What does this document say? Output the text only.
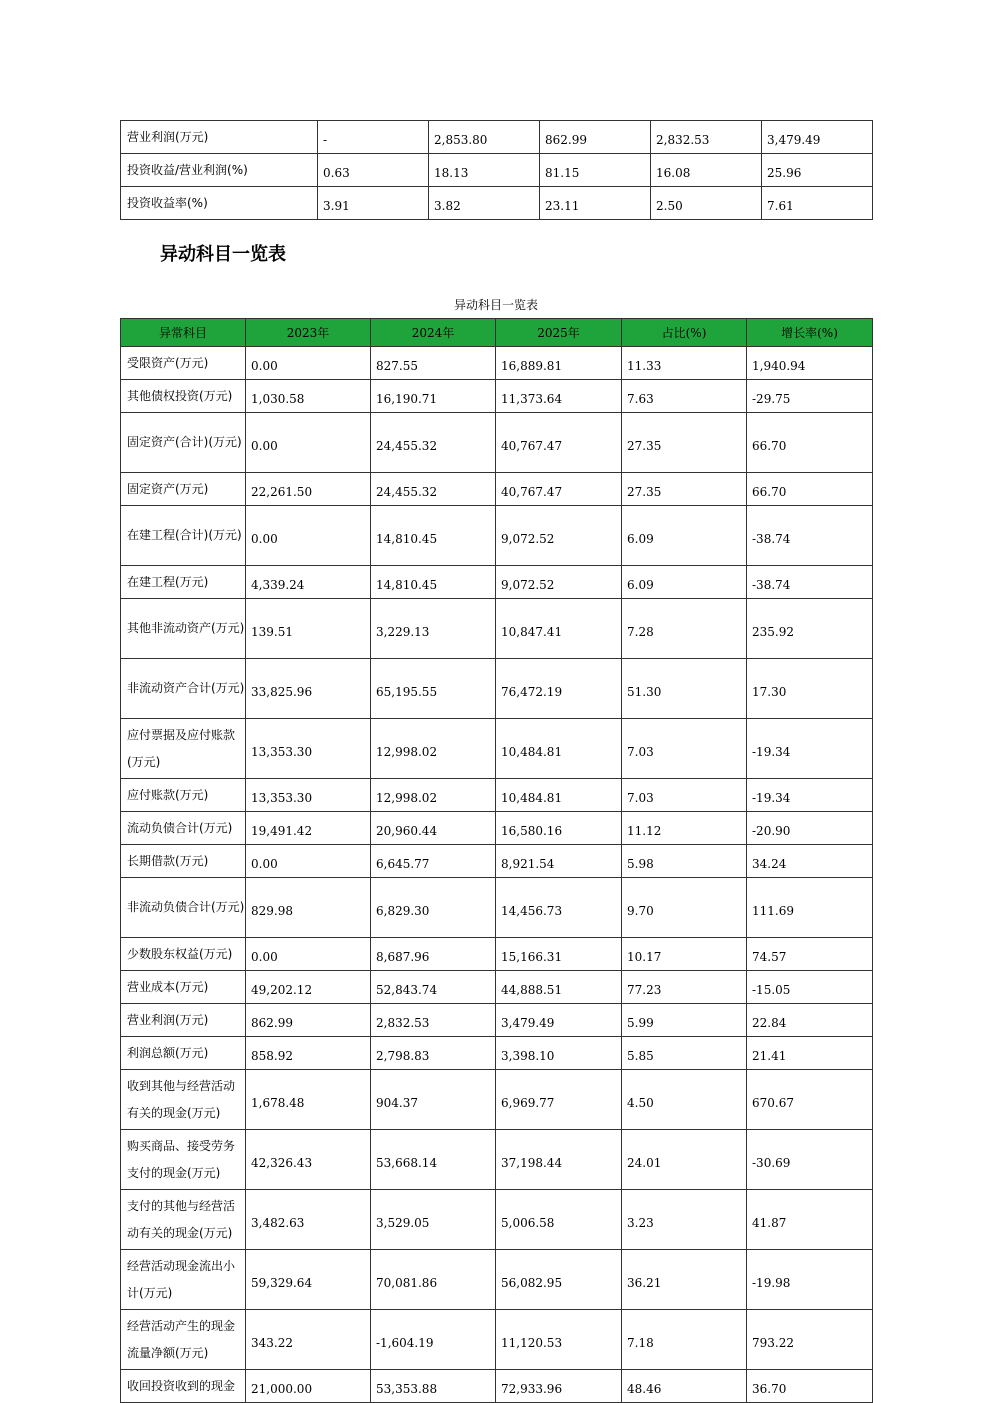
营业利润(万元)	-	2,853.80	862.99	2,832.53	3,479.49
投资收益/营业利润(%)	0.63	18.13	81.15	16.08	25.96
投资收益率(%)	3.91	3.82	23.11	2.50	7.61
异动科目一览表
异动科目一览表
异常科目	2023年	2024年	2025年	占比(%)	增长率(%)
受限资产(万元)	0.00	827.55	16,889.81	11.33	1,940.94
其他债权投资(万元)	1,030.58	16,190.71	11,373.64	7.63	-29.75
固定资产(合计)(万元)	0.00	24,455.32	40,767.47	27.35	66.70
固定资产(万元)	22,261.50	24,455.32	40,767.47	27.35	66.70
在建工程(合计)(万元)	0.00	14,810.45	9,072.52	6.09	-38.74
在建工程(万元)	4,339.24	14,810.45	9,072.52	6.09	-38.74
其他非流动资产(万元)	139.51	3,229.13	10,847.41	7.28	235.92
非流动资产合计(万元)	33,825.96	65,195.55	76,472.19	51.30	17.30
应付票据及应付账款(万元)	13,353.30	12,998.02	10,484.81	7.03	-19.34
应付账款(万元)	13,353.30	12,998.02	10,484.81	7.03	-19.34
流动负债合计(万元)	19,491.42	20,960.44	16,580.16	11.12	-20.90
长期借款(万元)	0.00	6,645.77	8,921.54	5.98	34.24
非流动负债合计(万元)	829.98	6,829.30	14,456.73	9.70	111.69
少数股东权益(万元)	0.00	8,687.96	15,166.31	10.17	74.57
营业成本(万元)	49,202.12	52,843.74	44,888.51	77.23	-15.05
营业利润(万元)	862.99	2,832.53	3,479.49	5.99	22.84
利润总额(万元)	858.92	2,798.83	3,398.10	5.85	21.41
收到其他与经营活动有关的现金(万元)	1,678.48	904.37	6,969.77	4.50	670.67
购买商品、接受劳务支付的现金(万元)	42,326.43	53,668.14	37,198.44	24.01	-30.69
支付的其他与经营活动有关的现金(万元)	3,482.63	3,529.05	5,006.58	3.23	41.87
经营活动现金流出小计(万元)	59,329.64	70,081.86	56,082.95	36.21	-19.98
经营活动产生的现金流量净额(万元)	343.22	-1,604.19	11,120.53	7.18	793.22
收回投资收到的现金	21,000.00	53,353.88	72,933.96	48.46	36.70
